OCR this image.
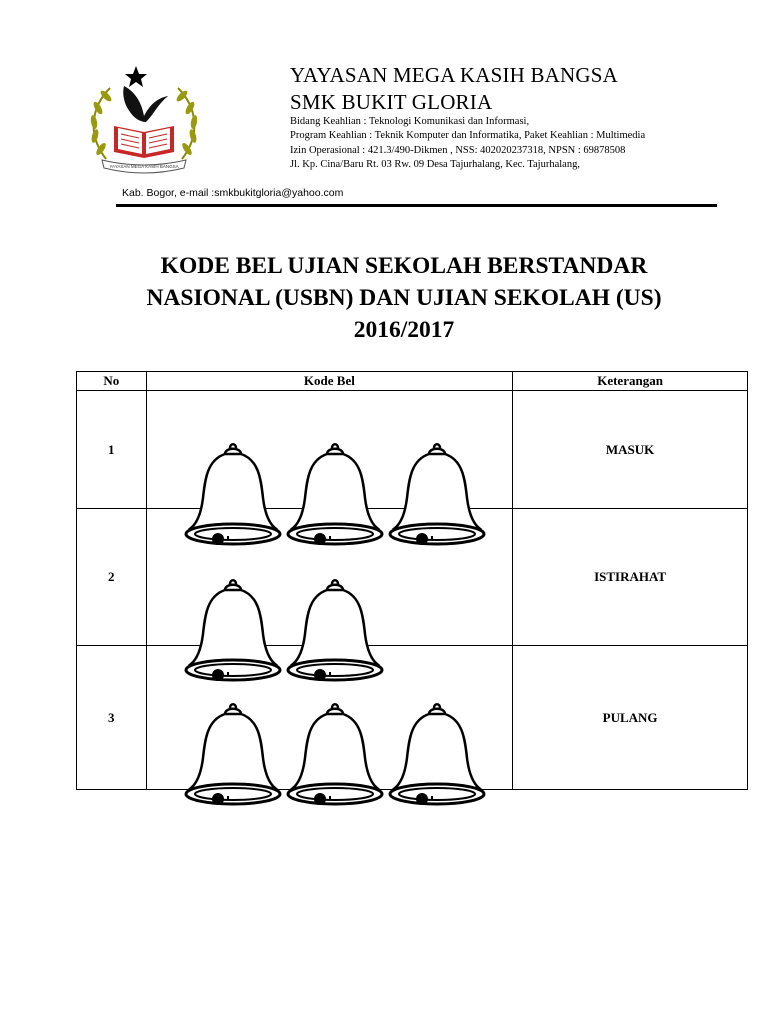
YAYASAN MEGA KASIH BANGSA
YAYASAN MEGA KASIH BANGSA
SMK BUKIT GLORIA
Bidang Keahlian : Teknologi Komunikasi dan Informasi,
Program Keahlian : Teknik Komputer dan Informatika, Paket Keahlian : Multimedia
Izin Operasional : 421.3/490-Dikmen , NSS: 402020237318, NPSN : 69878508
Jl. Kp. Cina/Baru Rt. 03 Rw. 09 Desa Tajurhalang, Kec. Tajurhalang,
Kab. Bogor, e-mail :smkbukitgloria@yahoo.com
KODE BEL UJIAN SEKOLAH BERSTANDAR
NASIONAL (USBN) DAN UJIAN SEKOLAH (US)
2016/2017
No	Kode Bel	Keterangan
1		MASUK
2		ISTIRAHAT
3		PULANG
